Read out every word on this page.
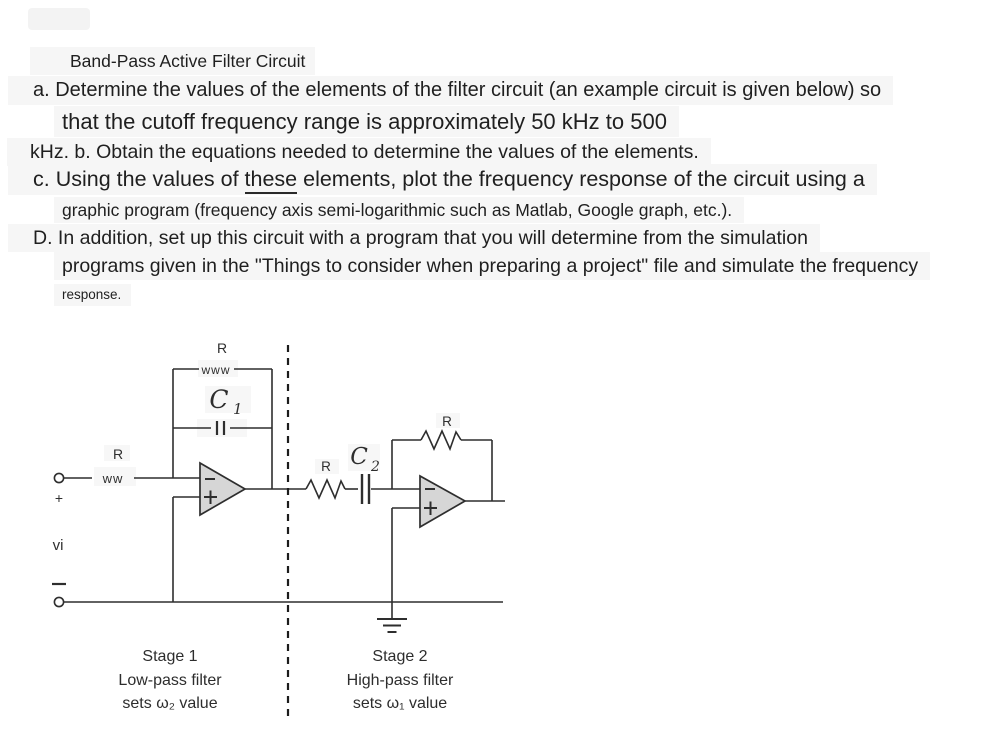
Band-Pass Active Filter Circuit
a. Determine the values of the elements of the filter circuit (an example circuit is given below) so
that the cutoff frequency range is approximately 50 kHz to 500
kHz. b. Obtain the equations needed to determine the values of the elements.
c. Using the values of these elements, plot the frequency response of the circuit using a
graphic program (frequency axis semi-logarithmic such as Matlab, Google graph, etc.).
D. In addition, set up this circuit with a program that you will determine from the simulation
programs given in the "Things to consider when preparing a project" file and simulate the frequency
response.
R
ww
+
vi
R
www
C 1
R C 2
R
Stage 1
Low-pass filter
sets ω₂ value
Stage 2
High-pass filter
sets ω₁ value
